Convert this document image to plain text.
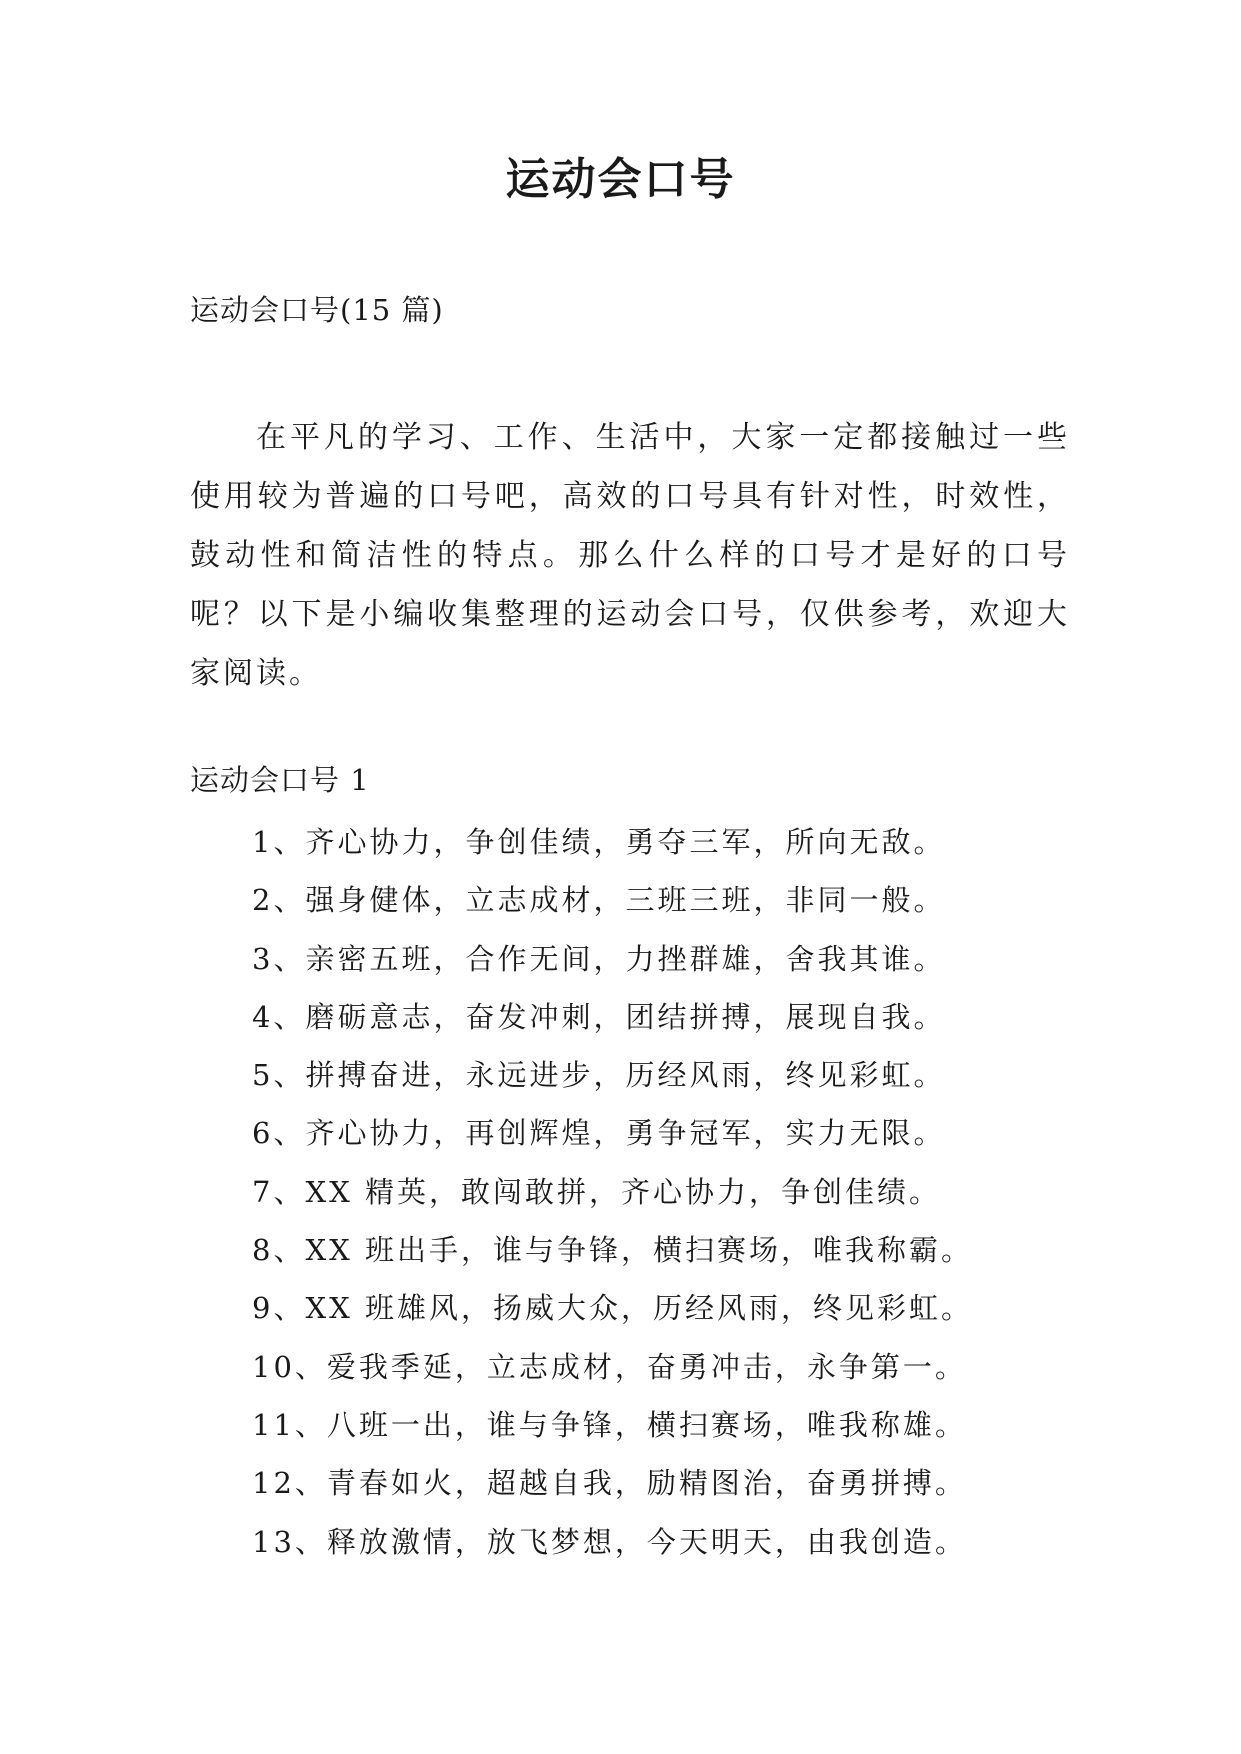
运动会口号
运动会口号(15 篇)

在平凡的学习、工作、生活中，大家一定都接触过一些使用较为普遍的口号吧，高效的口号具有针对性，时效性，鼓动性和简洁性的特点。那么什么样的口号才是好的口号呢？以下是小编收集整理的运动会口号，仅供参考，欢迎大家阅读。

运动会口号 1
1、齐心协力，争创佳绩，勇夺三军，所向无敌。
2、强身健体，立志成材，三班三班，非同一般。
3、亲密五班，合作无间，力挫群雄，舍我其谁。
4、磨砺意志，奋发冲刺，团结拼搏，展现自我。
5、拼搏奋进，永远进步，历经风雨，终见彩虹。
6、齐心协力，再创辉煌，勇争冠军，实力无限。
7、XX 精英，敢闯敢拼，齐心协力，争创佳绩。
8、XX 班出手，谁与争锋，横扫赛场，唯我称霸。
9、XX 班雄风，扬威大众，历经风雨，终见彩虹。
10、爱我季延，立志成材，奋勇冲击，永争第一。
11、八班一出，谁与争锋，横扫赛场，唯我称雄。
12、青春如火，超越自我，励精图治，奋勇拼搏。
13、释放激情，放飞梦想，今天明天，由我创造。
